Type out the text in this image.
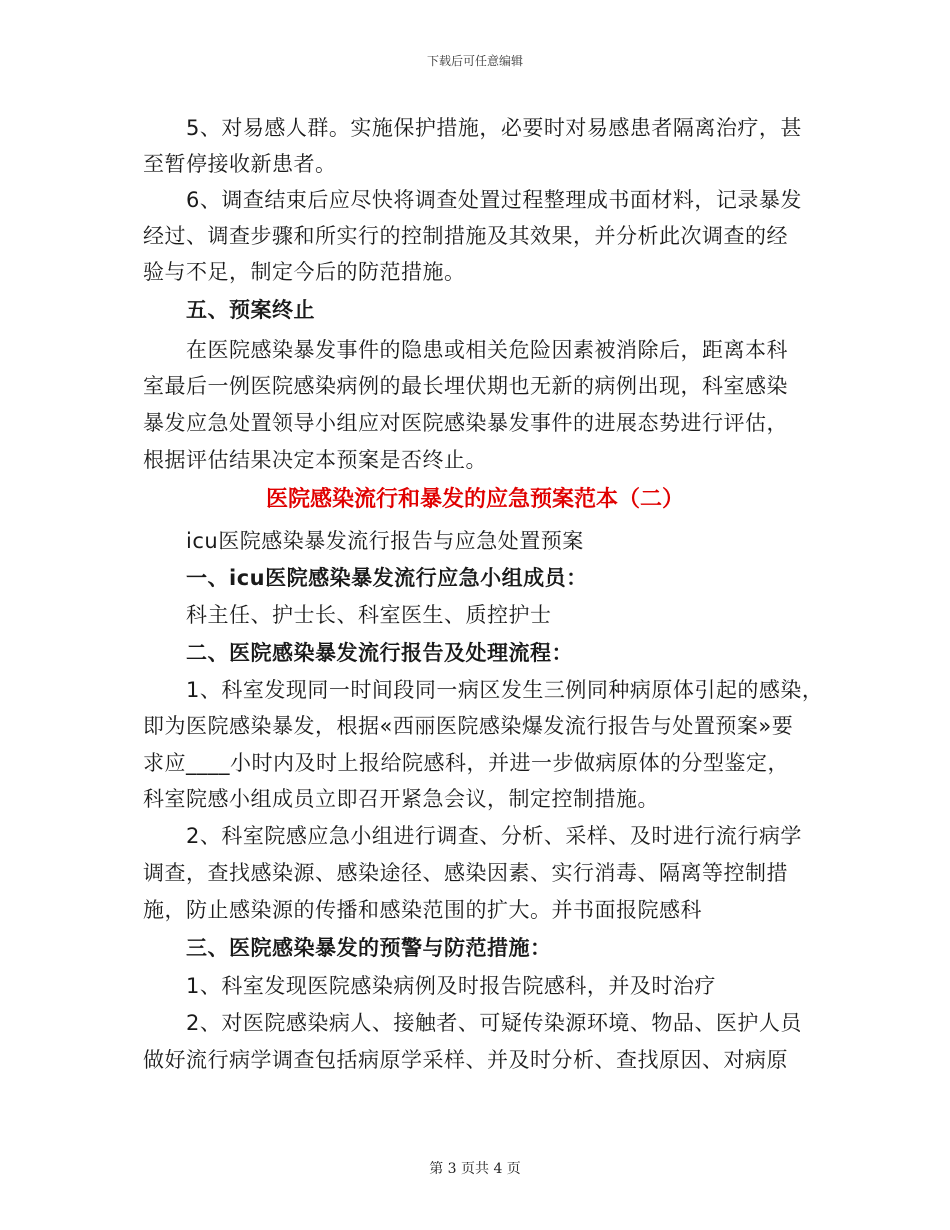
下载后可任意编辑
5、对易感人群。实施保护措施，必要时对易感患者隔离治疗，甚
至暂停接收新患者。
6、调查结束后应尽快将调查处置过程整理成书面材料，记录暴发
经过、调查步骤和所实行的控制措施及其效果，并分析此次调查的经
验与不足，制定今后的防范措施。
五、预案终止
在医院感染暴发事件的隐患或相关危险因素被消除后，距离本科
室最后一例医院感染病例的最长埋伏期也无新的病例出现，科室感染
暴发应急处置领导小组应对医院感染暴发事件的进展态势进行评估，
根据评估结果决定本预案是否终止。
医院感染流行和暴发的应急预案范本（二）
icu医院感染暴发流行报告与应急处置预案
一、icu医院感染暴发流行应急小组成员：
科主任、护士长、科室医生、质控护士
二、医院感染暴发流行报告及处理流程：
1、科室发现同一时间段同一病区发生三例同种病原体引起的感染，
即为医院感染暴发，根据«西丽医院感染爆发流行报告与处置预案»要
求应____小时内及时上报给院感科，并进一步做病原体的分型鉴定，
科室院感小组成员立即召开紧急会议，制定控制措施。
2、科室院感应急小组进行调查、分析、采样、及时进行流行病学
调查，查找感染源、感染途径、感染因素、实行消毒、隔离等控制措
施，防止感染源的传播和感染范围的扩大。并书面报院感科
三、医院感染暴发的预警与防范措施：
1、科室发现医院感染病例及时报告院感科，并及时治疗
2、对医院感染病人、接触者、可疑传染源环境、物品、医护人员
做好流行病学调查包括病原学采样、并及时分析、查找原因、对病原
第 3 页共 4 页
